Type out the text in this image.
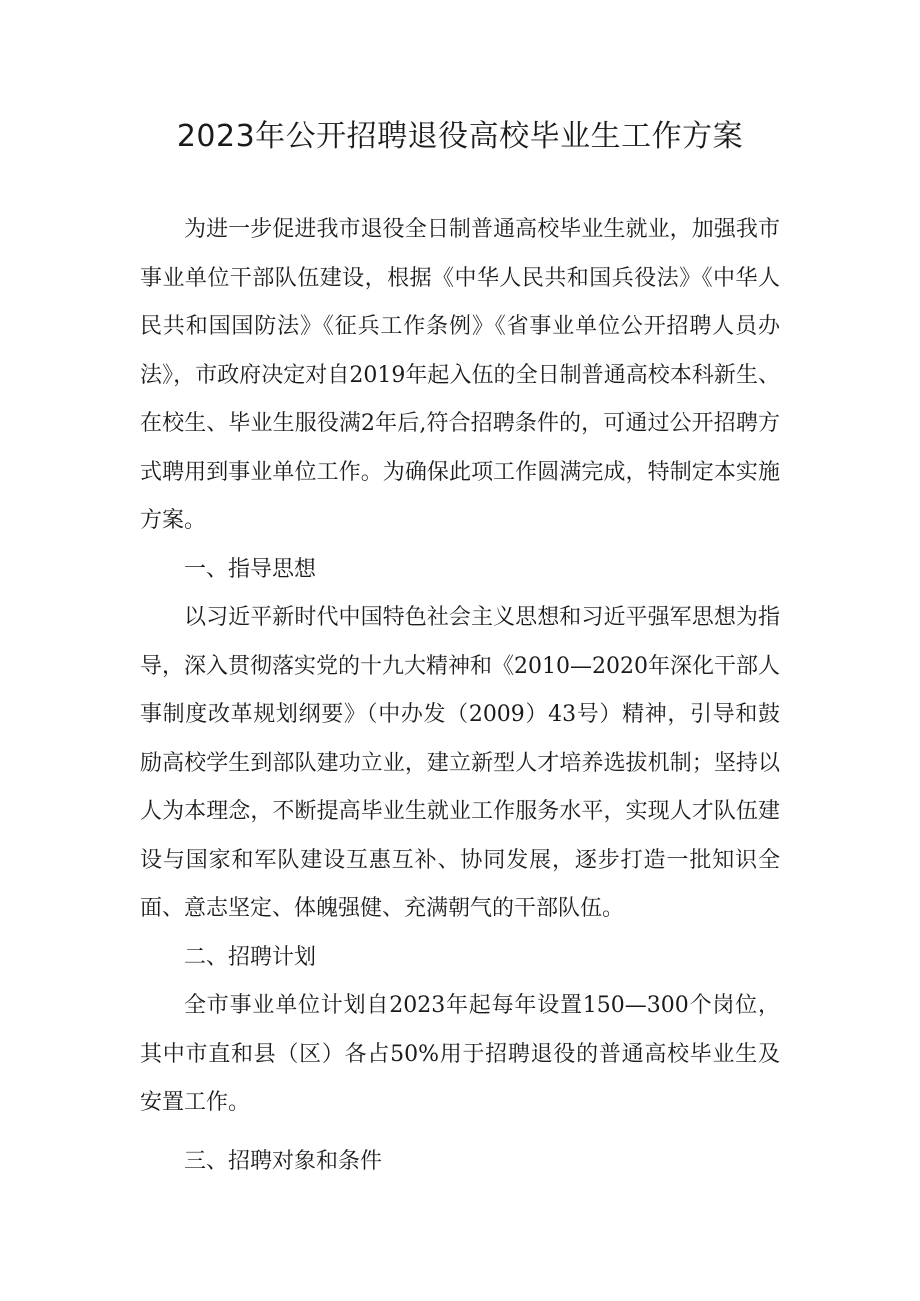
2023年公开招聘退役高校毕业生工作方案

为进一步促进我市退役全日制普通高校毕业生就业，加强我市事业单位干部队伍建设，根据《中华人民共和国兵役法》《中华人民共和国国防法》《征兵工作条例》《省事业单位公开招聘人员办法》，市政府决定对自2019年起入伍的全日制普通高校本科新生、在校生、毕业生服役满2年后,符合招聘条件的，可通过公开招聘方式聘用到事业单位工作。为确保此项工作圆满完成，特制定本实施方案。

一、指导思想

以习近平新时代中国特色社会主义思想和习近平强军思想为指导，深入贯彻落实党的十九大精神和《2010—2020年深化干部人事制度改革规划纲要》（中办发（2009）43号）精神，引导和鼓励高校学生到部队建功立业，建立新型人才培养选拔机制；坚持以人为本理念，不断提高毕业生就业工作服务水平，实现人才队伍建设与国家和军队建设互惠互补、协同发展，逐步打造一批知识全面、意志坚定、体魄强健、充满朝气的干部队伍。

二、招聘计划

全市事业单位计划自2023年起每年设置150—300个岗位，其中市直和县（区）各占50%用于招聘退役的普通高校毕业生及安置工作。

三、招聘对象和条件
